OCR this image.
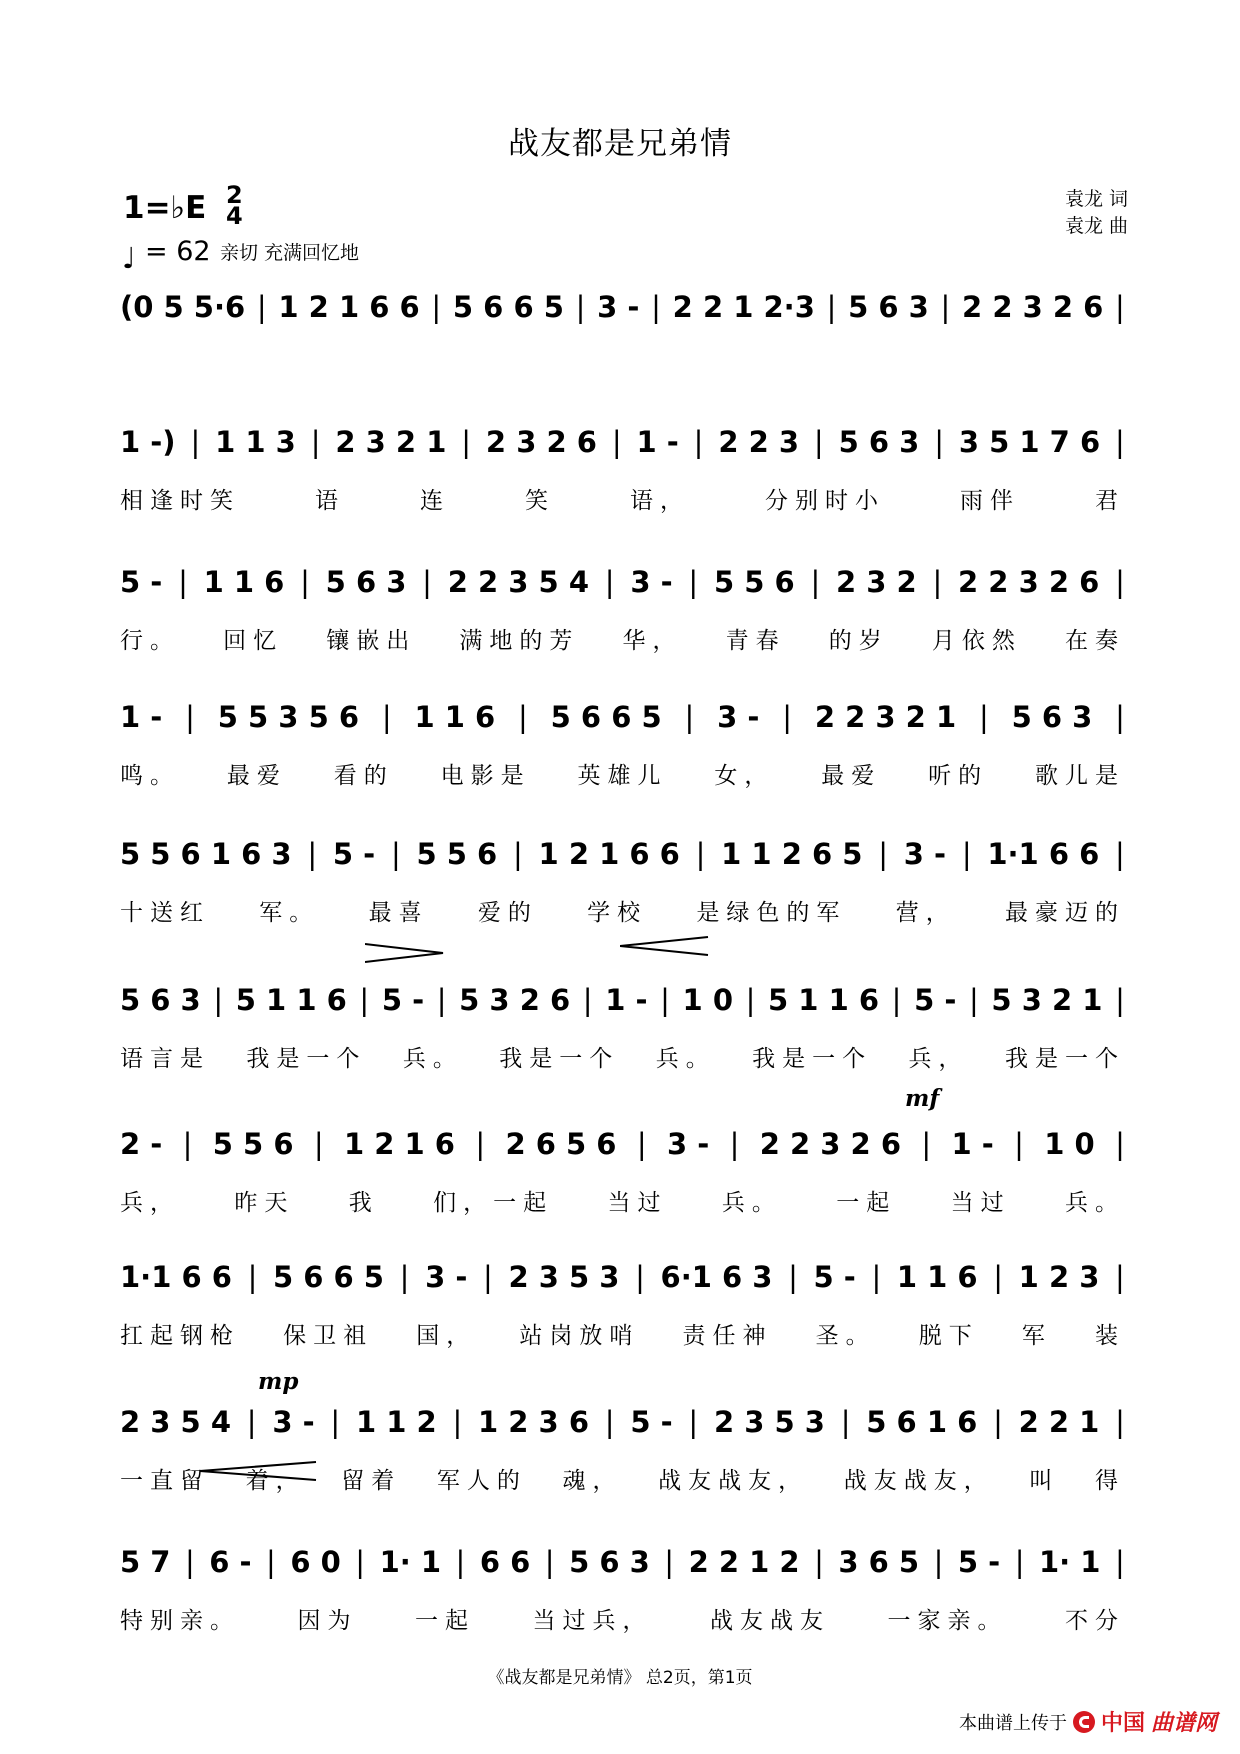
战友都是兄弟情
1=♭E 2
4
♩ = 62 亲切 充满回忆地
袁龙 词
袁龙 曲
(0 5 5·6 | 1 2 1 6 6 | 5 6 6 5 | 3 - | 2 2 1 2·3 | 5 6 3 | 2 2 3 2 6 |
1 -) | 1 1 3 | 2 3 2 1 | 2 3 2 6 | 1 - | 2 2 3 | 5 6 3 | 3 5 1 7 6 |
相逢时笑	语	连	笑	语，	分别时小	雨伴	君
5 - | 1 1 6 | 5 6 3 | 2 2 3 5 4 | 3 - | 5 5 6 | 2 3 2 | 2 2 3 2 6 |
行。 回忆 镶嵌出 满地的芳 华， 青春 的岁 月依然 在奏
1 - | 5 5 3 5 6 | 1 1 6 | 5 6 6 5 | 3 - | 2 2 3 2 1 | 5 6 3 |
鸣。 最爱 看的 电影是 英雄儿 女， 最爱 听的 歌儿是
5 5 6 1 6 3 | 5 - | 5 5 6 | 1 2 1 6 6 | 1 1 2 6 5 | 3 - | 1·1 6 6 |
十送红 军。 最喜 爱的 学校 是绿色的军 营， 最豪迈的
5 6 3 | 5 1 1 6 | 5 - | 5 3 2 6 | 1 - | 1 0 | 5 1 1 6 | 5 - | 5 3 2 1 |
语言是 我是一个 兵。 我是一个 兵。 我是一个 兵， 我是一个
2 - | 5 5 6 | 1 2 1 6 | 2 6 5 6 | 3 - | 2 2 3 2 6 | 1 - | 1 0 |
兵， 昨天 我 们，一起 当过 兵。 一起 当过 兵。
1·1 6 6 | 5 6 6 5 | 3 - | 2 3 5 3 | 6·1 6 3 | 5 - | 1 1 6 | 1 2 3 |
扛起钢枪 保卫祖 国， 站岗放哨 责任神 圣。 脱下 军 装
2 3 5 4 | 3 - | 1 1 2 | 1 2 3 6 | 5 - | 2 3 5 3 | 5 6 1 6 | 2 2 1 |
一直留 着， 留着 军人的 魂， 战友战友， 战友战友， 叫 得
5 7 | 6 - | 6 0 | 1· 1 | 6 6 | 5 6 3 | 2 2 1 2 | 3 6 5 | 5 - | 1· 1 |
特别亲。	因为	一起	当过兵，	战友战友	一家亲。	不分
mf
mp
《战友都是兄弟情》 总2页，第1页
本曲谱上传于 中国 曲谱网
